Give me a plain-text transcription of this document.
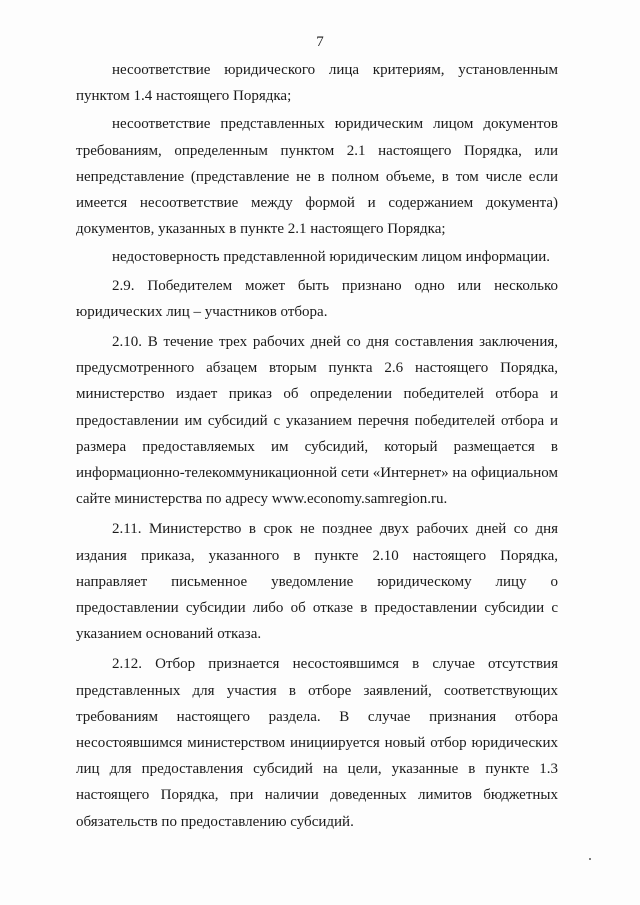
7

несоответствие юридического лица критериям, установленным пунктом 1.4 настоящего Порядка;

несоответствие представленных юридическим лицом документов требованиям, определенным пунктом 2.1 настоящего Порядка, или непредставление (представление не в полном объеме, в том числе если имеется несоответствие между формой и содержанием документа) документов, указанных в пункте 2.1 настоящего Порядка;

недостоверность представленной юридическим лицом информации.

2.9. Победителем может быть признано одно или несколько юридических лиц – участников отбора.

2.10. В течение трех рабочих дней со дня составления заключения, предусмотренного абзацем вторым пункта 2.6 настоящего Порядка, министерство издает приказ об определении победителей отбора и предоставлении им субсидий с указанием перечня победителей отбора и размера предоставляемых им субсидий, который размещается в информационно-телекоммуникационной сети «Интернет» на официальном сайте министерства по адресу www.economy.samregion.ru.

2.11. Министерство в срок не позднее двух рабочих дней со дня издания приказа, указанного в пункте 2.10 настоящего Порядка, направляет письменное уведомление юридическому лицу о предоставлении субсидии либо об отказе в предоставлении субсидии с указанием оснований отказа.

2.12. Отбор признается несостоявшимся в случае отсутствия представленных для участия в отборе заявлений, соответствующих требованиям настоящего раздела. В случае признания отбора несостоявшимся министерством инициируется новый отбор юридических лиц для предоставления субсидий на цели, указанные в пункте 1.3 настоящего Порядка, при наличии доведенных лимитов бюджетных обязательств по предоставлению субсидий.
